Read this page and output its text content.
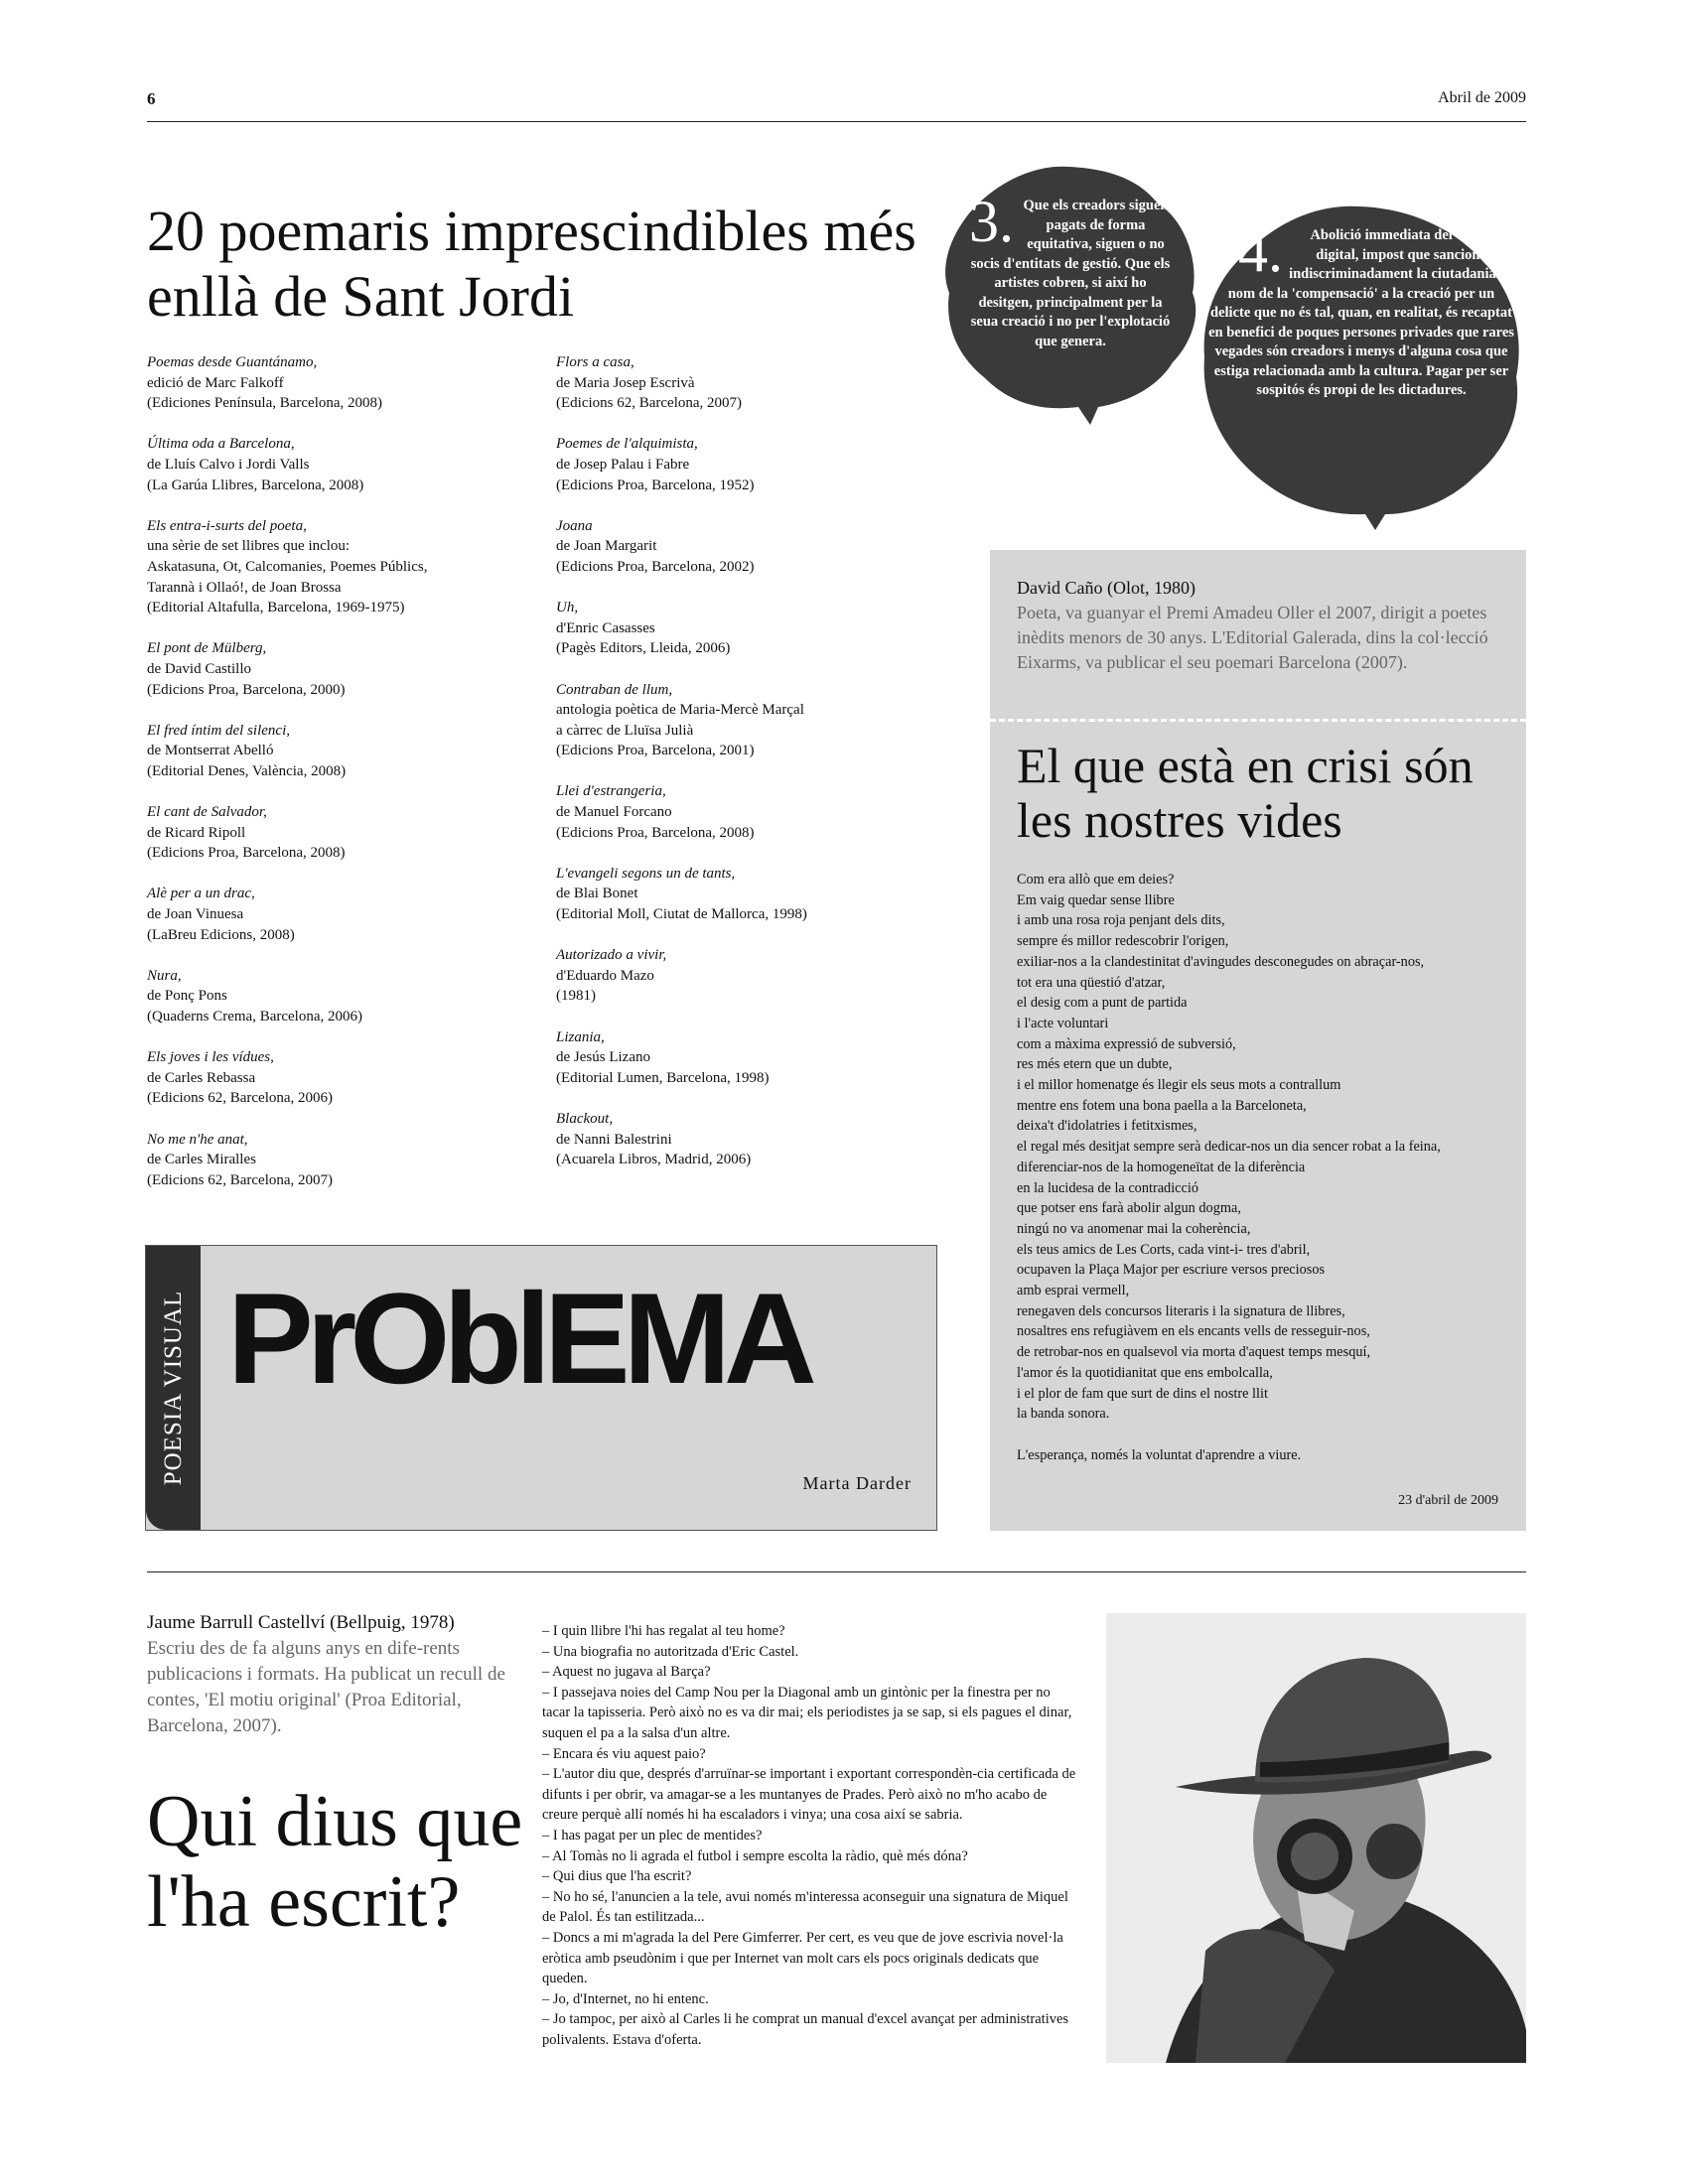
6	Abril de 2009
20 poemaris imprescindibles més enllà de Sant Jordi
Poemas desde Guantánamo,
edició de Marc Falkoff
(Ediciones Península, Barcelona, 2008)
Última oda a Barcelona,
de Lluís Calvo i Jordi Valls
(La Garúa Llibres, Barcelona, 2008)
Els entra-i-surts del poeta,
una sèrie de set llibres que inclou:
Askatasuna, Ot, Calcomanies, Poemes Públics,
Tarannà i Ollaó!, de Joan Brossa
(Editorial Altafulla, Barcelona, 1969-1975)
El pont de Mülberg,
de David Castillo
(Edicions Proa, Barcelona, 2000)
El fred íntim del silenci,
de Montserrat Abelló
(Editorial Denes, València, 2008)
El cant de Salvador,
de Ricard Ripoll
(Edicions Proa, Barcelona, 2008)
Alè per a un drac,
de Joan Vinuesa
(LaBreu Edicions, 2008)
Nura,
de Ponç Pons
(Quaderns Crema, Barcelona, 2006)
Els joves i les vídues,
de Carles Rebassa
(Edicions 62, Barcelona, 2006)
No me n'he anat,
de Carles Miralles
(Edicions 62, Barcelona, 2007)
Flors a casa,
de Maria Josep Escrivà
(Edicions 62, Barcelona, 2007)
Poemes de l'alquimista,
de Josep Palau i Fabre
(Edicions Proa, Barcelona, 1952)
Joana
de Joan Margarit
(Edicions Proa, Barcelona, 2002)
Uh,
d'Enric Casasses
(Pagès Editors, Lleida, 2006)
Contraban de llum,
antologia poètica de Maria-Mercè Marçal
a càrrec de Lluïsa Julià
(Edicions Proa, Barcelona, 2001)
Llei d'estrangeria,
de Manuel Forcano
(Edicions Proa, Barcelona, 2008)
L'evangeli segons un de tants,
de Blai Bonet
(Editorial Moll, Ciutat de Mallorca, 1998)
Autorizado a vivir,
d'Eduardo Mazo
(1981)
Lizania,
de Jesús Lizano
(Editorial Lumen, Barcelona, 1998)
Blackout,
de Nanni Balestrini
(Acuarela Libros, Madrid, 2006)
3. Que els creadors siguen pagats de forma equitativa, siguen o no socis d'entitats de gestió. Que els artistes cobren, si així ho desitgen, principalment per la seua creació i no per l'explotació que genera.
4. Abolició immediata del cànon digital, impost que sanciona indiscriminadament la ciutadania en nom de la 'compensació' a la creació per un delicte que no és tal, quan, en realitat, és recaptat en benefici de poques persones privades que rares vegades són creadors i menys d'alguna cosa que estiga relacionada amb la cultura. Pagar per ser sospitós és propi de les dictadures.
David Caño (Olot, 1980)
Poeta, va guanyar el Premi Amadeu Oller el 2007, dirigit a poetes inèdits menors de 30 anys. L'Editorial Galerada, dins la col·lecció Eixarms, va publicar el seu poemari Barcelona (2007).
El que està en crisi són les nostres vides
Com era allò que em deies?
Em vaig quedar sense llibre
i amb una rosa roja penjant dels dits,
sempre és millor redescobrir l'origen,
exiliar-nos a la clandestinitat d'avingudes desconegudes on abraçar-nos,
tot era una qüestió d'atzar,
el desig com a punt de partida
i l'acte voluntari
com a màxima expressió de subversió,
res més etern que un dubte,
i el millor homenatge és llegir els seus mots a contrallum
mentre ens fotem una bona paella a la Barceloneta,
deixa't d'idolatries i fetitxismes,
el regal més desitjat sempre serà dedicar-nos un dia sencer robat a la feina,
diferenciar-nos de la homogeneïtat de la diferència
en la lucidesa de la contradicció
que potser ens farà abolir algun dogma,
ningú no va anomenar mai la coherència,
els teus amics de Les Corts, cada vint-i- tres d'abril,
ocupaven la Plaça Major per escriure versos preciosos
amb esprai vermell,
renegaven dels concursos literaris i la signatura de llibres,
nosaltres ens refugiàvem en els encants vells de resseguir-nos,
de retrobar-nos en qualsevol via morta d'aquest temps mesquí,
l'amor és la quotidianitat que ens embolcalla,
i el plor de fam que surt de dins el nostre llit
la banda sonora.
L'esperança, només la voluntat d'aprendre a viure.
23 d'abril de 2009
POESIA VISUAL PrOblEMA
Marta Darder
Jaume Barrull Castellví (Bellpuig, 1978)
Escriu des de fa alguns anys en dife-rents publicacions i formats. Ha publicat un recull de contes, 'El motiu original' (Proa Editorial, Barcelona, 2007).
Qui dius que l'ha escrit?
– I quin llibre l'hi has regalat al teu home?
– Una biografia no autoritzada d'Eric Castel.
– Aquest no jugava al Barça?
– I passejava noies del Camp Nou per la Diagonal amb un gintònic per la finestra per no tacar la tapisseria. Però això no es va dir mai; els periodistes ja se sap, si els pagues el dinar, suquen el pa a la salsa d'un altre.
– Encara és viu aquest paio?
– L'autor diu que, després d'arruïnar-se important i exportant correspondèn-cia certificada de difunts i per obrir, va amagar-se a les muntanyes de Prades. Però això no m'ho acabo de creure perquè allí només hi ha escaladors i vinya; una cosa així se sabria.
– I has pagat per un plec de mentides?
– Al Tomàs no li agrada el futbol i sempre escolta la ràdio, què més dóna?
– Qui dius que l'ha escrit?
– No ho sé, l'anuncien a la tele, avui només m'interessa aconseguir una signatura de Miquel de Palol. És tan estilitzada...
– Doncs a mi m'agrada la del Pere Gimferrer. Per cert, es veu que de jove escrivia novel·la eròtica amb pseudònim i que per Internet van molt cars els pocs originals dedicats que queden.
– Jo, d'Internet, no hi entenc.
– Jo tampoc, per això al Carles li he comprat un manual d'excel avançat per administratives polivalents. Estava d'oferta.
